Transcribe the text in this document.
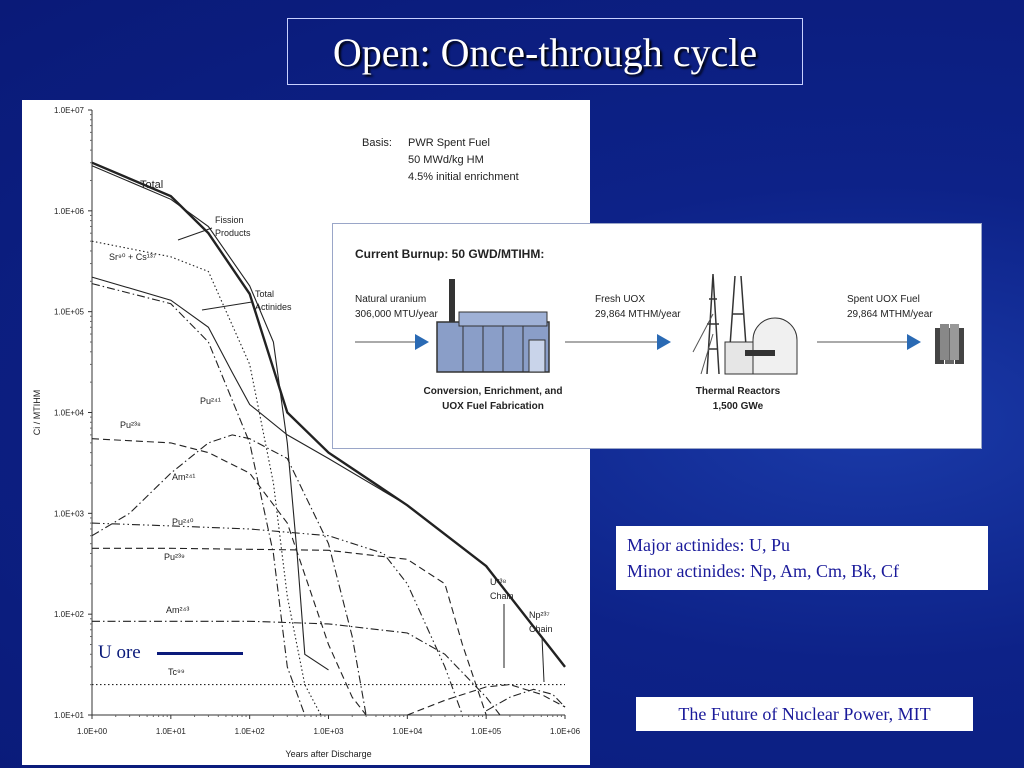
Open: Once-through cycle
1.0E+01
1.0E+02
1.0E+03
1.0E+04
1.0E+05
1.0E+06
1.0E+07
1.0E+00	1.0E+01	1.0E+02	1.0E+03	1.0E+04	1.0E+05	1.0E+06
Years after Discharge
Ci / MTIHM
Basis: PWR Spent Fuel
50 MWd/kg HM
4.5% initial enrichment
Total
Fission
Products
Sr⁹⁰ + Cs¹³⁷
Total
Actinides
Pu²⁴¹
Pu²³⁸
Am²⁴¹
Pu²⁴⁰
Pu²³⁹
Am²⁴³
Tc⁹⁹
U²³⁸
Chain
Np²³⁷
Chain
Current Burnup: 50 GWD/MTIHM:
Natural uranium
306,000 MTU/year
Conversion, Enrichment, and
UOX Fuel Fabrication
Fresh UOX
29,864 MTHM/year
Thermal Reactors
1,500 GWe
Spent UOX Fuel
29,864 MTHM/year
Major actinides: U, Pu
Minor actinides: Np, Am, Cm, Bk, Cf
The Future of Nuclear Power, MIT
U ore
